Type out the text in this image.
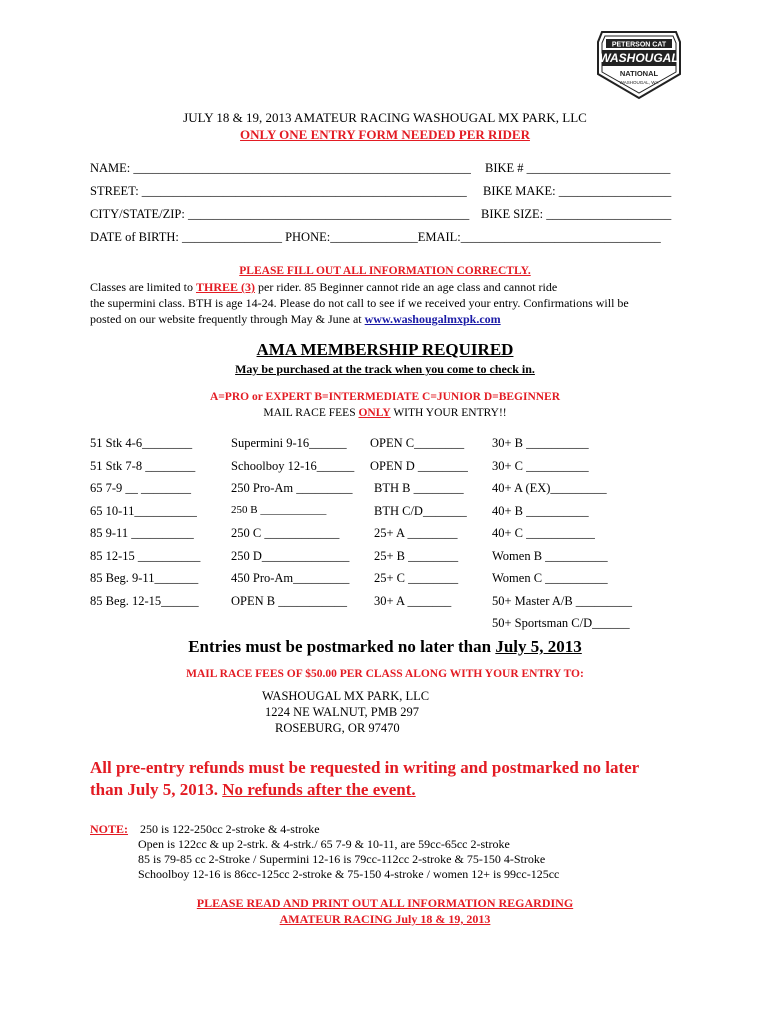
PETERSON CAT
WASHOUGAL
NATIONAL
WASHOUGAL, WA
JULY 18 & 19, 2013 AMATEUR RACING WASHOUGAL MX PARK, LLC
ONLY ONE ENTRY FORM NEEDED PER RIDER
NAME: ______________________________________________________ BIKE # _______________________
STREET: ____________________________________________________ BIKE MAKE: __________________
CITY/STATE/ZIP: _____________________________________________ BIKE SIZE: ____________________
DATE of BIRTH: ________________ PHONE:______________EMAIL:________________________________
PLEASE FILL OUT ALL INFORMATION CORRECTLY.
Classes are limited to THREE (3) per rider. 85 Beginner cannot ride an age class and cannot ride
the supermini class. BTH is age 14-24. Please do not call to see if we received your entry. Confirmations will be
posted on our website frequently through May & June at www.washougalmxpk.com
AMA MEMBERSHIP REQUIRED
May be purchased at the track when you come to check in.
A=PRO or EXPERT B=INTERMEDIATE C=JUNIOR D=BEGINNER
MAIL RACE FEES ONLY WITH YOUR ENTRY!!
51 Stk 4-6________
51 Stk 7-8 ________
65 7-9 __ ________
65 10-11__________
85 9-11 __________
85 12-15 __________
85 Beg. 9-11_______
85 Beg. 12-15______
Supermini 9-16______
Schoolboy 12-16______
250 Pro-Am _________
250 B ____________
250 C ____________
250 D______________
450 Pro-Am_________
OPEN B ___________
OPEN C________
OPEN D ________
BTH B ________
BTH C/D_______
25+ A ________
25+ B ________
25+ C ________
30+ A _______
30+ B __________
30+ C __________
40+ A (EX)_________
40+ B __________
40+ C ___________
Women B __________
Women C __________
50+ Master A/B _________
50+ Sportsman C/D______
Entries must be postmarked no later than July 5, 2013
MAIL RACE FEES OF $50.00 PER CLASS ALONG WITH YOUR ENTRY TO:
WASHOUGAL MX PARK, LLC
1224 NE WALNUT, PMB 297
ROSEBURG, OR 97470
All pre-entry refunds must be requested in writing and postmarked no later
than July 5, 2013. No refunds after the event.
NOTE: 250 is 122-250cc 2-stroke & 4-stroke
Open is 122cc & up 2-strk. & 4-strk./ 65 7-9 & 10-11, are 59cc-65cc 2-stroke
85 is 79-85 cc 2-Stroke / Supermini 12-16 is 79cc-112cc 2-stroke & 75-150 4-Stroke
Schoolboy 12-16 is 86cc-125cc 2-stroke & 75-150 4-stroke / women 12+ is 99cc-125cc
PLEASE READ AND PRINT OUT ALL INFORMATION REGARDING
AMATEUR RACING July 18 & 19, 2013
